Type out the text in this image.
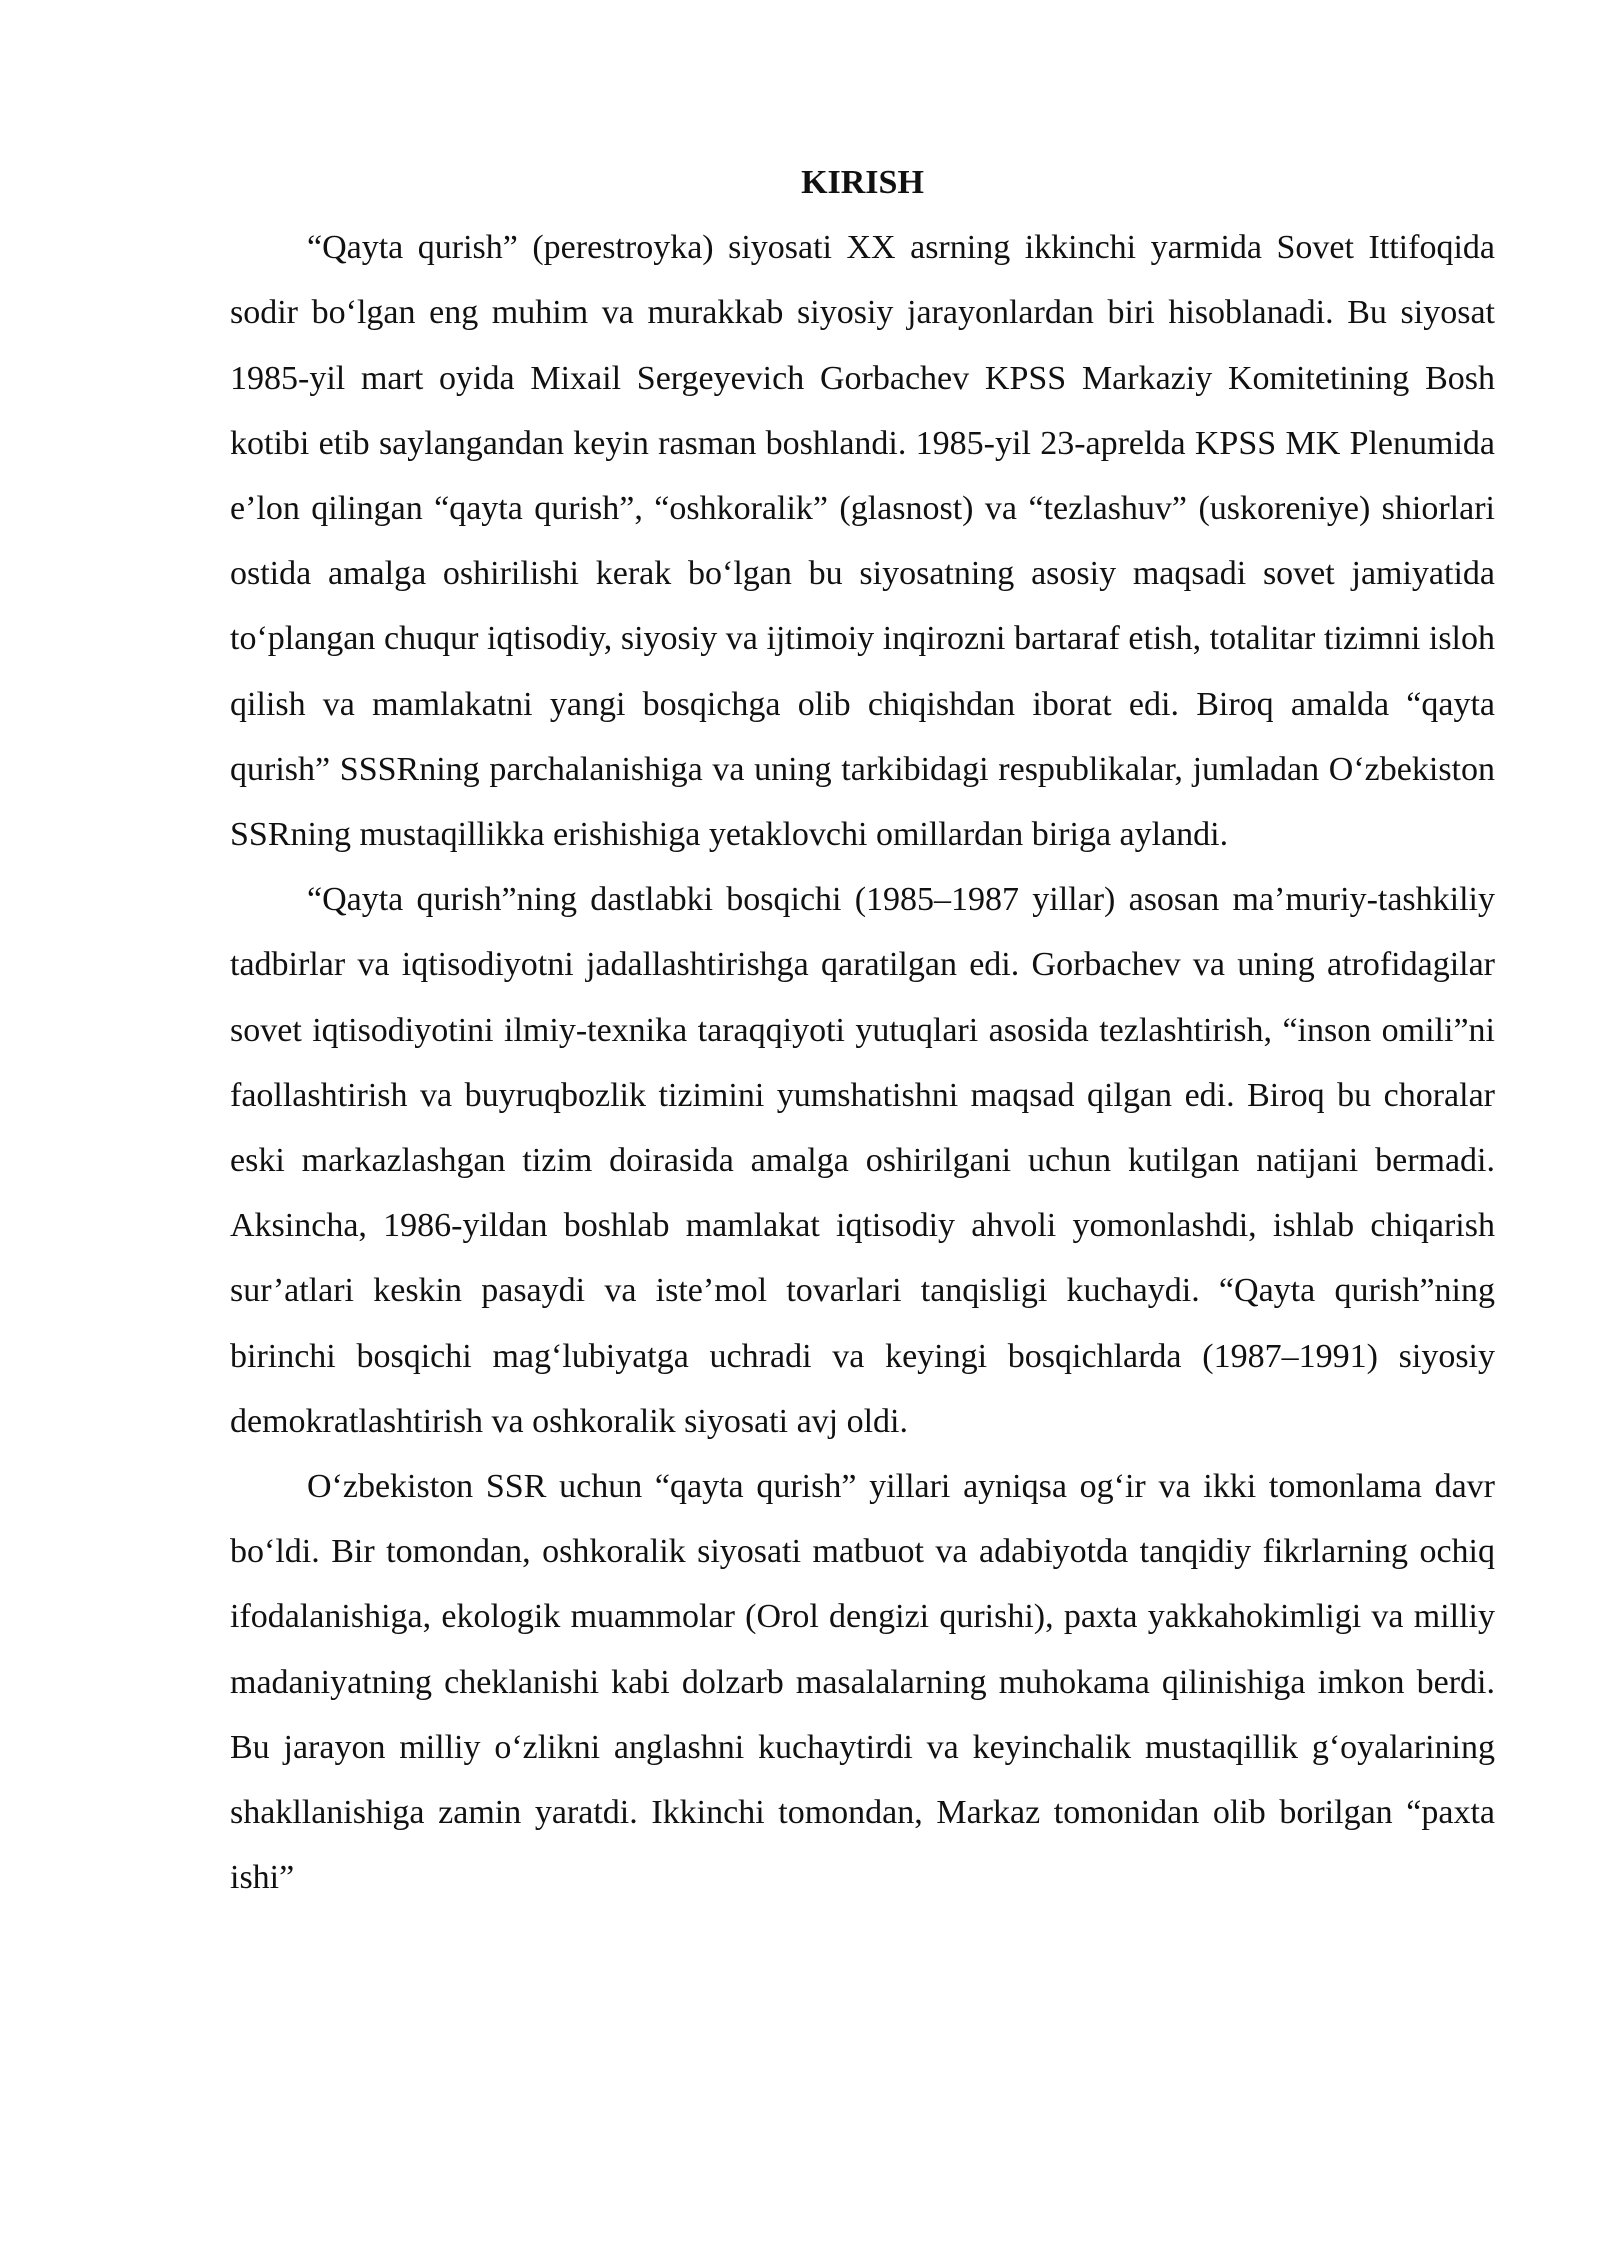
KIRISH

“Qayta qurish” (perestroyka) siyosati XX asrning ikkinchi yarmida Sovet Ittifoqida sodir boʻlgan eng muhim va murakkab siyosiy jarayonlardan biri hisoblanadi. Bu siyosat 1985-yil mart oyida Mixail Sergeyevich Gorbachev KPSS Markaziy Komitetining Bosh kotibi etib saylangandan keyin rasman boshlandi. 1985-yil 23-aprelda KPSS MK Plenumida e’lon qilingan “qayta qurish”, “oshkoralik” (glasnost) va “tezlashuv” (uskoreniye) shiorlari ostida amalga oshirilishi kerak boʻlgan bu siyosatning asosiy maqsadi sovet jamiyatida toʻplangan chuqur iqtisodiy, siyosiy va ijtimoiy inqirozni bartaraf etish, totalitar tizimni isloh qilish va mamlakatni yangi bosqichga olib chiqishdan iborat edi. Biroq amalda “qayta qurish” SSSRning parchalanishiga va uning tarkibidagi respublikalar, jumladan Oʻzbekiston SSRning mustaqillikka erishishiga yetaklovchi omillardan biriga aylandi.

“Qayta qurish”ning dastlabki bosqichi (1985–1987 yillar) asosan ma’muriy-tashkiliy tadbirlar va iqtisodiyotni jadallashtirishga qaratilgan edi. Gorbachev va uning atrofidagilar sovet iqtisodiyotini ilmiy-texnika taraqqiyoti yutuqlari asosida tezlashtirish, “inson omili”ni faollashtirish va buyruqbozlik tizimini yumshatishni maqsad qilgan edi. Biroq bu choralar eski markazlashgan tizim doirasida amalga oshirilgani uchun kutilgan natijani bermadi. Aksincha, 1986-yildan boshlab mamlakat iqtisodiy ahvoli yomonlashdi, ishlab chiqarish sur’atlari keskin pasaydi va iste’mol tovarlari tanqisligi kuchaydi. “Qayta qurish”ning birinchi bosqichi magʻlubiyatga uchradi va keyingi bosqichlarda (1987–1991) siyosiy demokratlashtirish va oshkoralik siyosati avj oldi.

Oʻzbekiston SSR uchun “qayta qurish” yillari ayniqsa ogʻir va ikki tomonlama davr boʻldi. Bir tomondan, oshkoralik siyosati matbuot va adabiyotda tanqidiy fikrlarning ochiq ifodalanishiga, ekologik muammolar (Orol dengizi qurishi), paxta yakkahokimligi va milliy madaniyatning cheklanishi kabi dolzarb masalalarning muhokama qilinishiga imkon berdi. Bu jarayon milliy oʻzlikni anglashni kuchaytirdi va keyinchalik mustaqillik gʻoyalarining shakllanishiga zamin yaratdi. Ikkinchi tomondan, Markaz tomonidan olib borilgan “paxta ishi”
